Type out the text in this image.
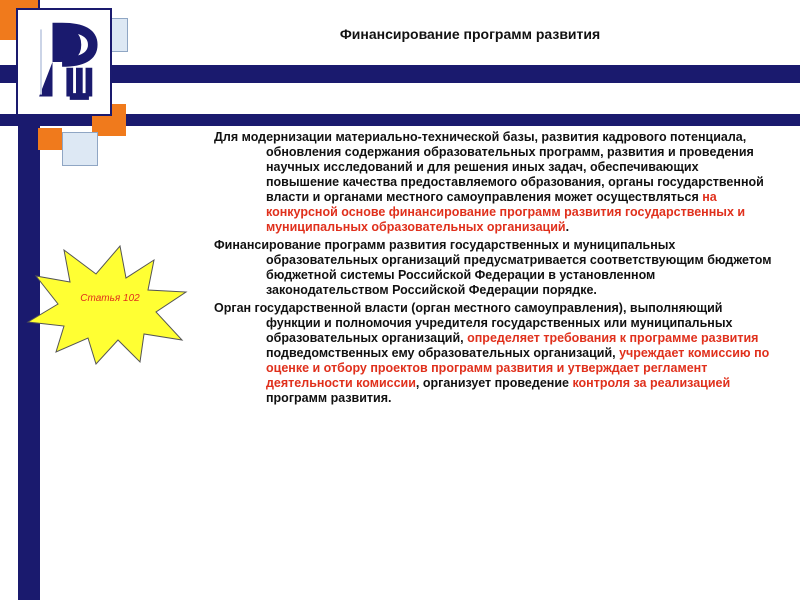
Финансирование программ развития
Статья 102

Для модернизации материально-технической базы, развития кадрового потенциала, обновления содержания образовательных программ, развития и проведения научных исследований и для решения иных задач, обеспечивающих повышение качества предоставляемого образования, органы государственной власти и органами местного самоуправления может осуществляться на конкурсной основе финансирование программ развития государственных и муниципальных образовательных организаций.

Финансирование программ развития государственных и муниципальных образовательных организаций предусматривается соответствующим бюджетом бюджетной системы Российской Федерации в установленном законодательством Российской Федерации порядке.

Орган государственной власти (орган местного самоуправления), выполняющий функции и полномочия учредителя государственных или муниципальных образовательных организаций, определяет требования к программе развития подведомственных ему образовательных организаций, учреждает комиссию по оценке и отбору проектов программ развития и утверждает регламент деятельности комиссии, организует проведение контроля за реализацией программ развития.
